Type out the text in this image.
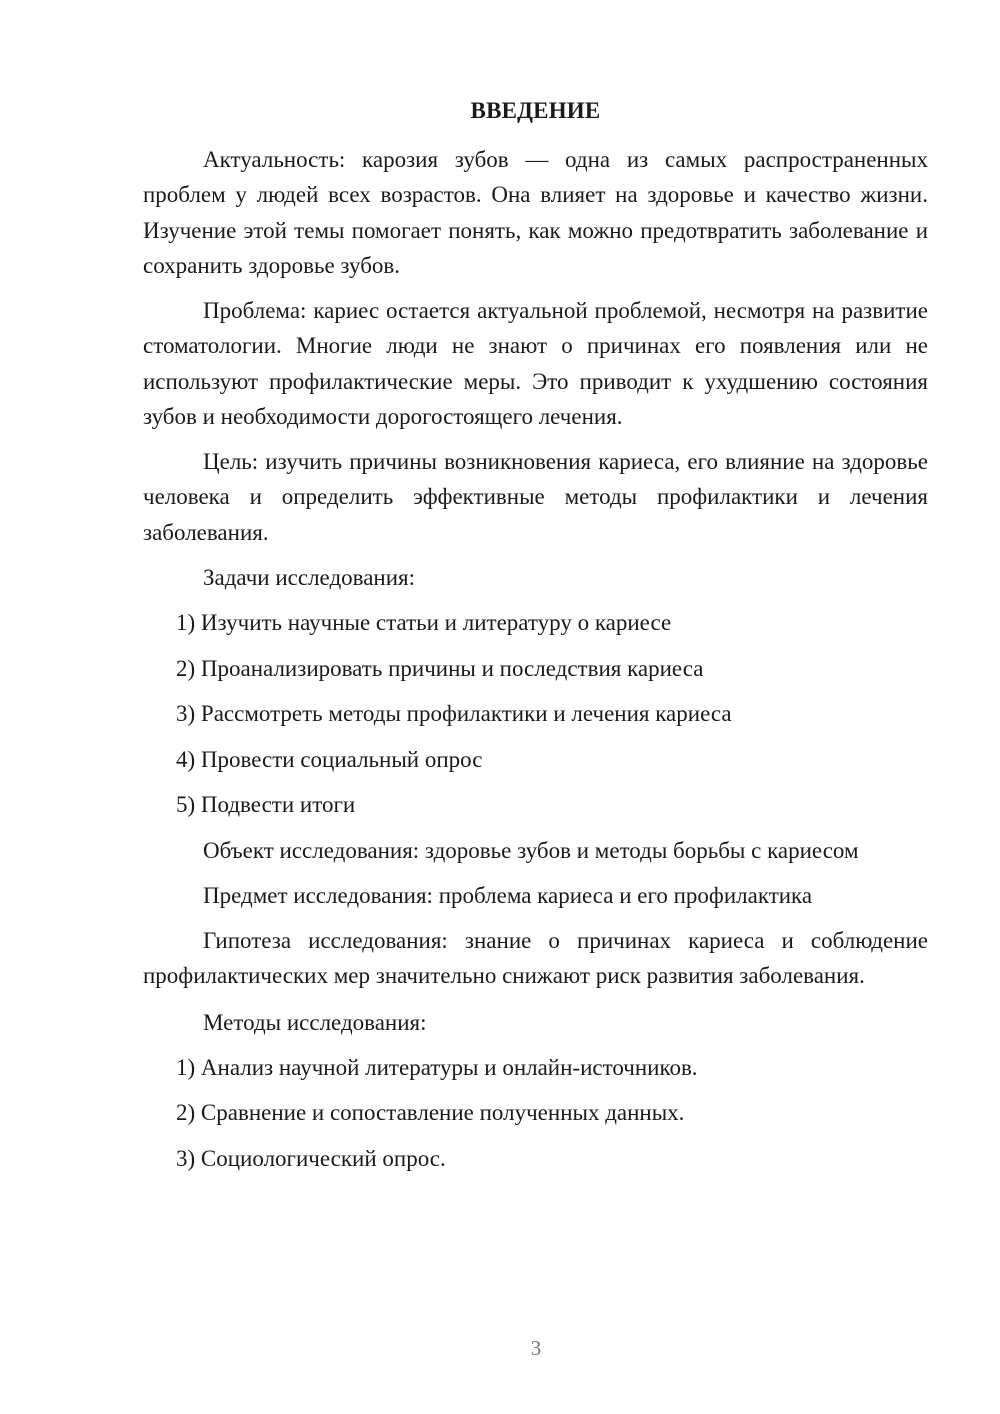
ВВЕДЕНИЕ

Актуальность: карозия зубов — одна из самых распространенных проблем у людей всех возрастов. Она влияет на здоровье и качество жизни. Изучение этой темы помогает понять, как можно предотвратить заболевание и сохранить здоровье зубов.

Проблема: кариес остается актуальной проблемой, несмотря на развитие стоматологии. Многие люди не знают о причинах его появления или не используют профилактические меры. Это приводит к ухудшению состояния зубов и необходимости дорогостоящего лечения.

Цель: изучить причины возникновения кариеса, его влияние на здоровье человека и определить эффективные методы профилактики и лечения заболевания.

Задачи исследования:
1) Изучить научные статьи и литературу о кариесе
2) Проанализировать причины и последствия кариеса
3) Рассмотреть методы профилактики и лечения кариеса
4) Провести социальный опрос
5) Подвести итоги
Объект исследования: здоровье зубов и методы борьбы с кариесом
Предмет исследования: проблема кариеса и его профилактика

Гипотеза исследования: знание о причинах кариеса и соблюдение профилактических мер значительно снижают риск развития заболевания.

Методы исследования:
1) Анализ научной литературы и онлайн-источников.
2) Сравнение и сопоставление полученных данных.
3) Социологический опрос.
3
